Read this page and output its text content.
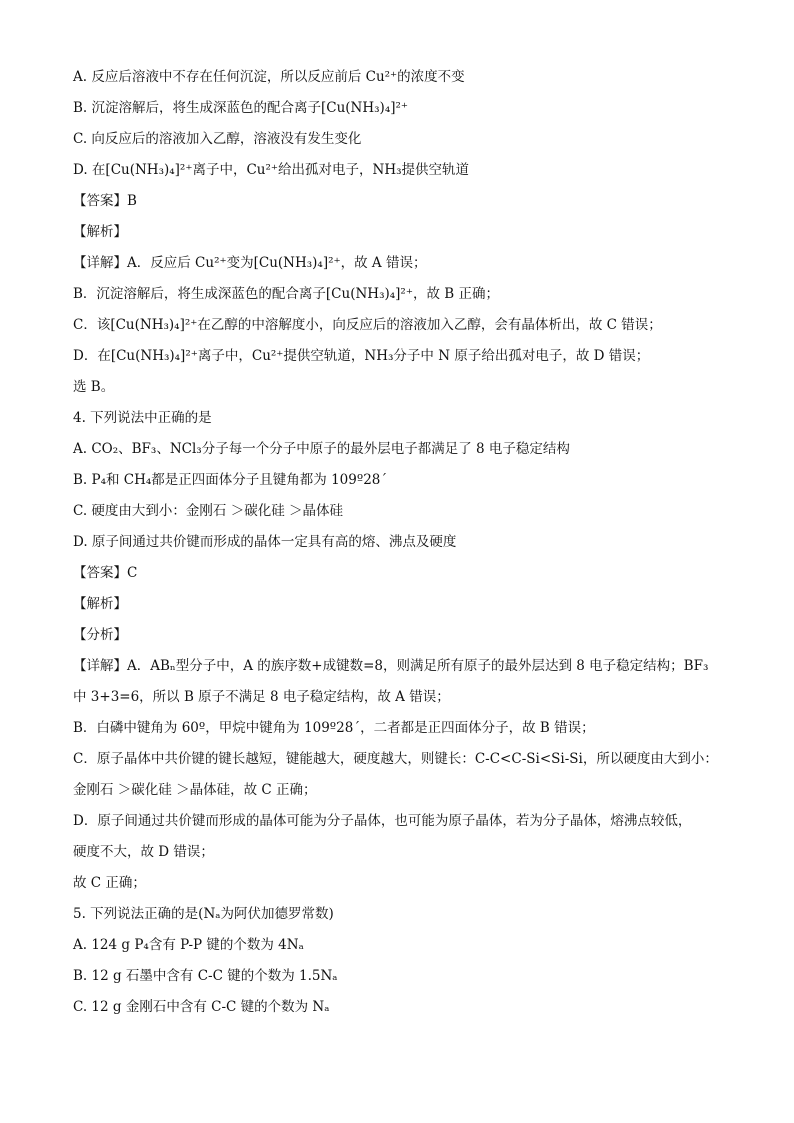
A. 反应后溶液中不存在任何沉淀，所以反应前后 Cu²⁺的浓度不变
B. 沉淀溶解后，将生成深蓝色的配合离子[Cu(NH₃)₄]²⁺
C. 向反应后的溶液加入乙醇，溶液没有发生变化
D. 在[Cu(NH₃)₄]²⁺离子中，Cu²⁺给出孤对电子，NH₃提供空轨道
【答案】B
【解析】
【详解】A．反应后 Cu²⁺变为[Cu(NH₃)₄]²⁺，故 A 错误；
B．沉淀溶解后，将生成深蓝色的配合离子[Cu(NH₃)₄]²⁺，故 B 正确；
C．该[Cu(NH₃)₄]²⁺在乙醇的中溶解度小，向反应后的溶液加入乙醇，会有晶体析出，故 C 错误；
D．在[Cu(NH₃)₄]²⁺离子中，Cu²⁺提供空轨道，NH₃分子中 N 原子给出孤对电子，故 D 错误；
选 B。
4. 下列说法中正确的是
A. CO₂、BF₃、NCl₃分子每一个分子中原子的最外层电子都满足了 8 电子稳定结构
B. P₄和 CH₄都是正四面体分子且键角都为 109º28ˊ
C. 硬度由大到小：金刚石 ＞碳化硅 ＞晶体硅
D. 原子间通过共价键而形成的晶体一定具有高的熔、沸点及硬度
【答案】C
【解析】
【分析】
【详解】A．ABₙ型分子中，A 的族序数+成键数=8，则满足所有原子的最外层达到 8 电子稳定结构；BF₃
中 3+3=6，所以 B 原子不满足 8 电子稳定结构，故 A 错误；
B．白磷中键角为 60º，甲烷中键角为 109º28ˊ，二者都是正四面体分子，故 B 错误；
C．原子晶体中共价键的键长越短，键能越大，硬度越大，则键长：C-C<C-Si<Si-Si，所以硬度由大到小：
金刚石 ＞碳化硅 ＞晶体硅，故 C 正确；
D．原子间通过共价键而形成的晶体可能为分子晶体，也可能为原子晶体，若为分子晶体，熔沸点较低，
硬度不大，故 D 错误；
故 C 正确；
5. 下列说法正确的是(Nₐ为阿伏加德罗常数)
A. 124 g P₄含有 P-P 键的个数为 4Nₐ
B. 12 g 石墨中含有 C-C 键的个数为 1.5Nₐ
C. 12 g 金刚石中含有 C-C 键的个数为 Nₐ
